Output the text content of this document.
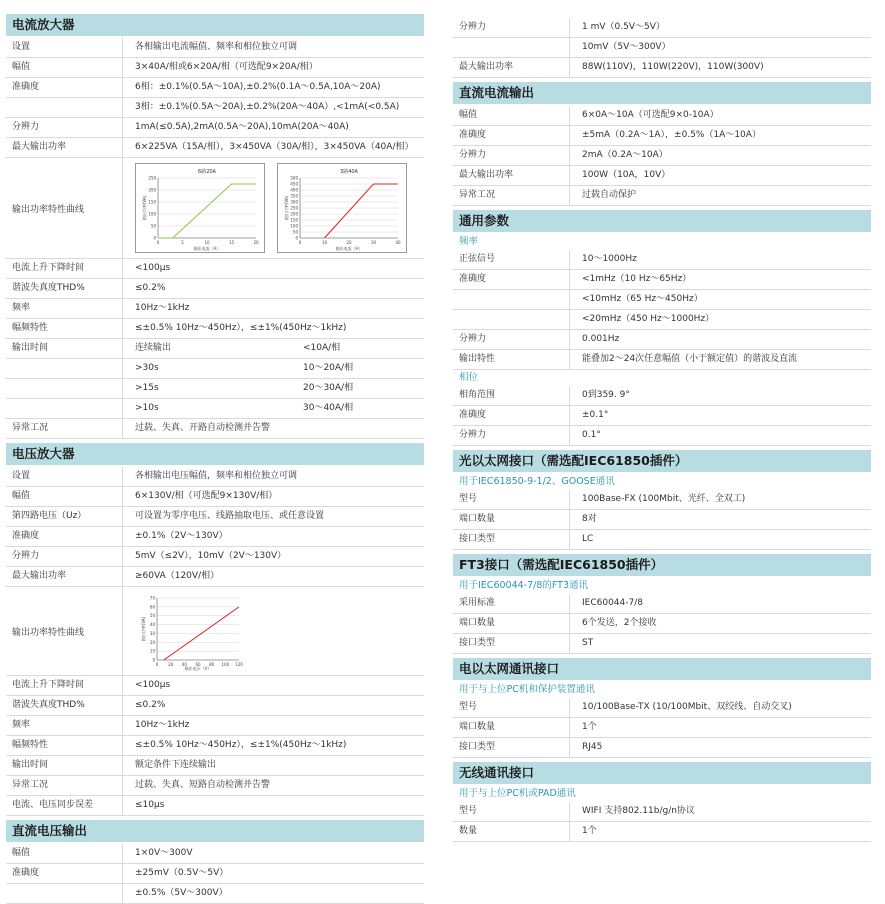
电流放大器
设置	各相输出电流幅值、频率和相位独立可调
幅值	3×40A/相或6×20A/相（可选配9×20A/相）
准确度	6相：±0.1%(0.5A～10A),±0.2%(0.1A～0.5A,10A～20A)
3相：±0.1%(0.5A～20A),±0.2%(20A～40A）,<1mA(<0.5A)
分辨力	1mA(≤0.5A),2mA(0.5A～20A),10mA(20A～40A)
最大输出功率	6×225VA（15A/相），3×450VA（30A/相），3×450VA（40A/相）
输出功率特性曲线
6路20A
0
50
100
150
200
250
0	5	10	15	20
输出电流（A）
输出功率(VA)
3路40A
0
50
100
150
200
250
300
350
400
450
500
0	10	20	30	40
输出电流（A）
输出功率(VA)
电流上升下降时间	<100μs
谐波失真度THD%	≤0.2%
频率	10Hz～1kHz
幅频特性	≤±0.5% 10Hz～450Hz），≤±1%(450Hz～1kHz)
输出时间	连续输出	<10A/相
>30s	10～20A/相
>15s	20～30A/相
>10s	30～40A/相
异常工况	过载、失真、开路自动检测并告警
电压放大器
设置	各相输出电压幅值，频率和相位独立可调
幅值	6×130V/相（可选配9×130V/相）
第四路电压（Uz）	可设置为零序电压、线路抽取电压、或任意设置
准确度	±0.1%（2V～130V）
分辨力	5mV（≤2V），10mV（2V～130V）
最大输出功率	≥60VA（120V/相）
输出功率特性曲线
0
10
20
30
40
50
60
70
0 20 40 60 80 100 120
输出电压（V）
输出功率(VA)
电流上升下降时间	<100μs
谐波失真度THD%	≤0.2%
频率	10Hz～1kHz
幅频特性	≤±0.5% 10Hz～450Hz），≤±1%(450Hz～1kHz)
输出时间	额定条件下连续输出
异常工况	过载、失真、短路自动检测并告警
电流、电压同步误差	≤10μs
直流电压输出
幅值	1×0V～300V
准确度	±25mV（0.5V～5V）
±0.5%（5V～300V）
分辨力	1 mV（0.5V～5V）
10mV（5V～300V）
最大输出功率	88W(110V)，110W(220V)，110W(300V)
直流电流输出
幅值	6×0A～10A（可选配9×0-10A）
准确度	±5mA（0.2A～1A），±0.5%（1A～10A）
分辨力	2mA（0.2A～10A）
最大输出功率	100W（10A，10V）
异常工况	过载自动保护
通用参数
频率
正弦信号	10～1000Hz
准确度	<1mHz（10 Hz～65Hz）
<10mHz（65 Hz～450Hz）
<20mHz（450 Hz～1000Hz）
分辨力	0.001Hz
输出特性	能叠加2～24次任意幅值（小于额定值）的谐波及直流
相位
相角范围	0到359. 9°
准确度	±0.1°
分辨力	0.1°
光以太网接口（需选配IEC61850插件）
用于IEC61850-9-1/2、GOOSE通讯
型号	100Base-FX (100Mbit、光纤、全双工)
端口数量	8对
接口类型	LC
FT3接口（需选配IEC61850插件）
用于IEC60044-7/8的FT3通讯
采用标准	IEC60044-7/8
端口数量	6个发送，2个接收
接口类型	ST
电以太网通讯接口
用于与上位PC机和保护装置通讯
型号	10/100Base-TX (10/100Mbit、双绞线、自动交叉)
端口数量	1个
接口类型	RJ45
无线通讯接口
用于与上位PC机或PAD通讯
型号	WIFI 支持802.11b/g/n协议
数量	1个
